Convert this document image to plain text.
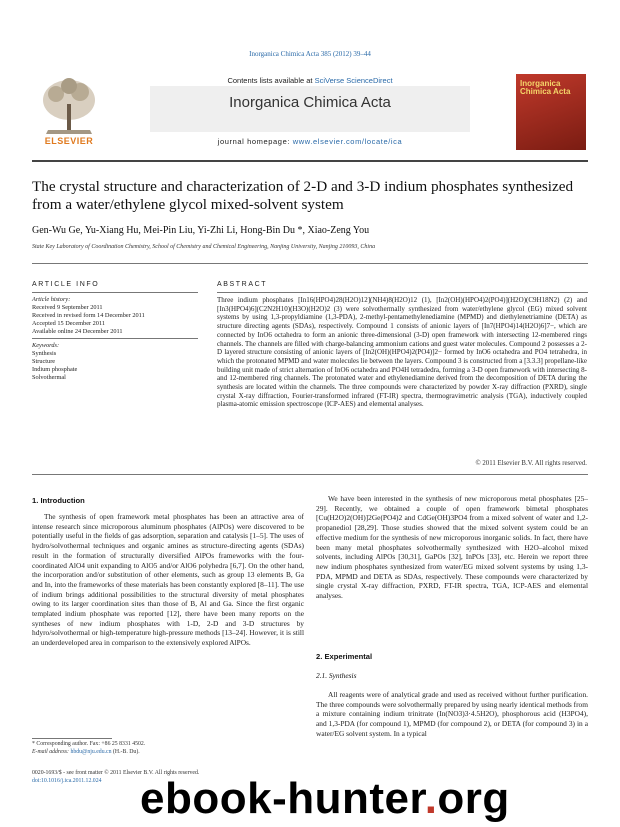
Inorganica Chimica Acta 385 (2012) 39–44
ELSEVIER
Contents lists available at SciVerse ScienceDirect
Inorganica Chimica Acta
journal homepage: www.elsevier.com/locate/ica
Inorganica Chimica Acta
The crystal structure and characterization of 2-D and 3-D indium phosphates synthesized from a water/ethylene glycol mixed-solvent system
Gen-Wu Ge, Yu-Xiang Hu, Mei-Pin Liu, Yi-Zhi Li, Hong-Bin Du *, Xiao-Zeng You
State Key Laboratory of Coordination Chemistry, School of Chemistry and Chemical Engineering, Nanjing University, Nanjing 210093, China
ARTICLE INFO
Article history:
Received 9 September 2011
Received in revised form 14 December 2011
Accepted 15 December 2011
Available online 24 December 2011
Keywords:
Synthesis
Structure
Indium phosphate
Solvothermal
ABSTRACT
Three indium phosphates [In16(HPO4)28(H2O)12](NH4)8(H2O)12 (1), [In2(OH)(HPO4)2(PO4)](H2O)(C9H18N2) (2) and [In3(HPO4)6](C2N2H10)(H3O)(H2O)2 (3) were solvothermally synthesized from water/ethylene glycol (EG) mixed solvent systems by using 1,3-propyldiamine (1,3-PDA), 2-methyl-pentamethylenediamine (MPMD) and diethylenetriamine (DETA) as structure directing agents (SDAs), respectively. Compound 1 consists of anionic layers of [In7(HPO4)14(H2O)6]7−, which are connected by InO6 octahedra to form an anionic three-dimensional (3-D) open framework with intersecting 12-membered rings channels. The channels are filled with charge-balancing ammonium cations and guest water molecules. Compound 2 possesses a 2-D layered structure consisting of anionic layers of [In2(OH)(HPO4)2(PO4)]2− formed by InO6 octahedra and PO4 tetrahedra, in which the protonated MPMD and water molecules lie between the layers. Compound 3 is constructed from a [3.3.3] propellane-like building unit made of strict alternation of InO6 octahedra and PO4H tetradedra, forming a 3-D open framework with intersecting 8- and 12-membered ring channels. The protonated water and ethylenediamine derived from the decomposition of DETA during the synthesis are located within the channels. The three compounds were characterized by powder X-ray diffraction (PXRD), single crystal X-ray diffraction, Fourier-transformed infrared (FT-IR) spectra, thermogravimetric analysis (TGA), inductively coupled plasma-atomic emission spectroscope (ICP-AES) and elemental analyses.
© 2011 Elsevier B.V. All rights reserved.
1. Introduction
The synthesis of open framework metal phosphates has been an attractive area of intense research since microporous aluminum phosphates (AlPOs) were discovered to be potentially useful in the fields of gas adsorption, separation and catalysis [1–5]. The uses of hydro/solvothermal techniques and organic amines as structure-directing agents (SDAs) result in the formation of structurally diversified AlPOs frameworks with the four-coordinated AlO4 unit expanding to AlO5 and/or AlO6 polyhedra [6,7]. On the other hand, the incorporation and/or substitution of other elements, such as group 13 elements B, Ga and In, into the frameworks of these materials has been constantly explored [8–11]. The use of indium brings additional possibilities to the structural diversity of metal phosphates owing to its larger coordination sites than those of B, Al and Ga. Since the first organic templated indium phosphate was reported [12], there have been many reports on the syntheses of new indium phosphates with 1-D, 2-D and 3-D structures by hdyro/solvothermal or high-temperature high-pressure methods [13–24]. However, it is still an underdeveloped area in comparison to the extensively explored AlPOs.
We have been interested in the synthesis of new microporous metal phosphates [25–29]. Recently, we obtained a couple of open framework bimetal phosphates [Cu(H2O)2(OH)]2Ge(PO4)2 and CdGe(OH)3PO4 from a mixed solvent of water and 1,2-propanediol [28,29]. Those studies showed that the mixed solvent system could be an effective medium for the synthesis of new microporous inorganic solids. In fact, there have been many metal phosphates solvothermally synthesized with H2O–alcohol mixed solvents, including AlPOs [30,31], GaPOs [32], InPOs [33], etc. Herein we report three new indium phosphates synthesized from water/EG mixed solvent systems by using 1,3-PDA, MPMD and DETA as SDAs, respectively. These compounds were characterized by single crystal X-ray diffraction, PXRD, FT-IR spectra, TGA, ICP-AES and elemental analyses.
2. Experimental
2.1. Synthesis
All reagents were of analytical grade and used as received without further purification. The three compounds were solvothermally prepared by using nearly identical methods from a mixture containing indium trinitrate (In(NO3)3·4.5H2O), phosphorous acid (H3PO4), and 1,3-PDA (for compound 1), MPMD (for compound 2), or DETA (for compound 3) in a water/EG solvent system. In a typical
* Corresponding author. Fax: +86 25 8331 4502.
E-mail address: hbdu@nju.edu.cn (H.-B. Du).
0020-1693/$ - see front matter © 2011 Elsevier B.V. All rights reserved.
doi:10.1016/j.ica.2011.12.024 ebook-hunter.org
